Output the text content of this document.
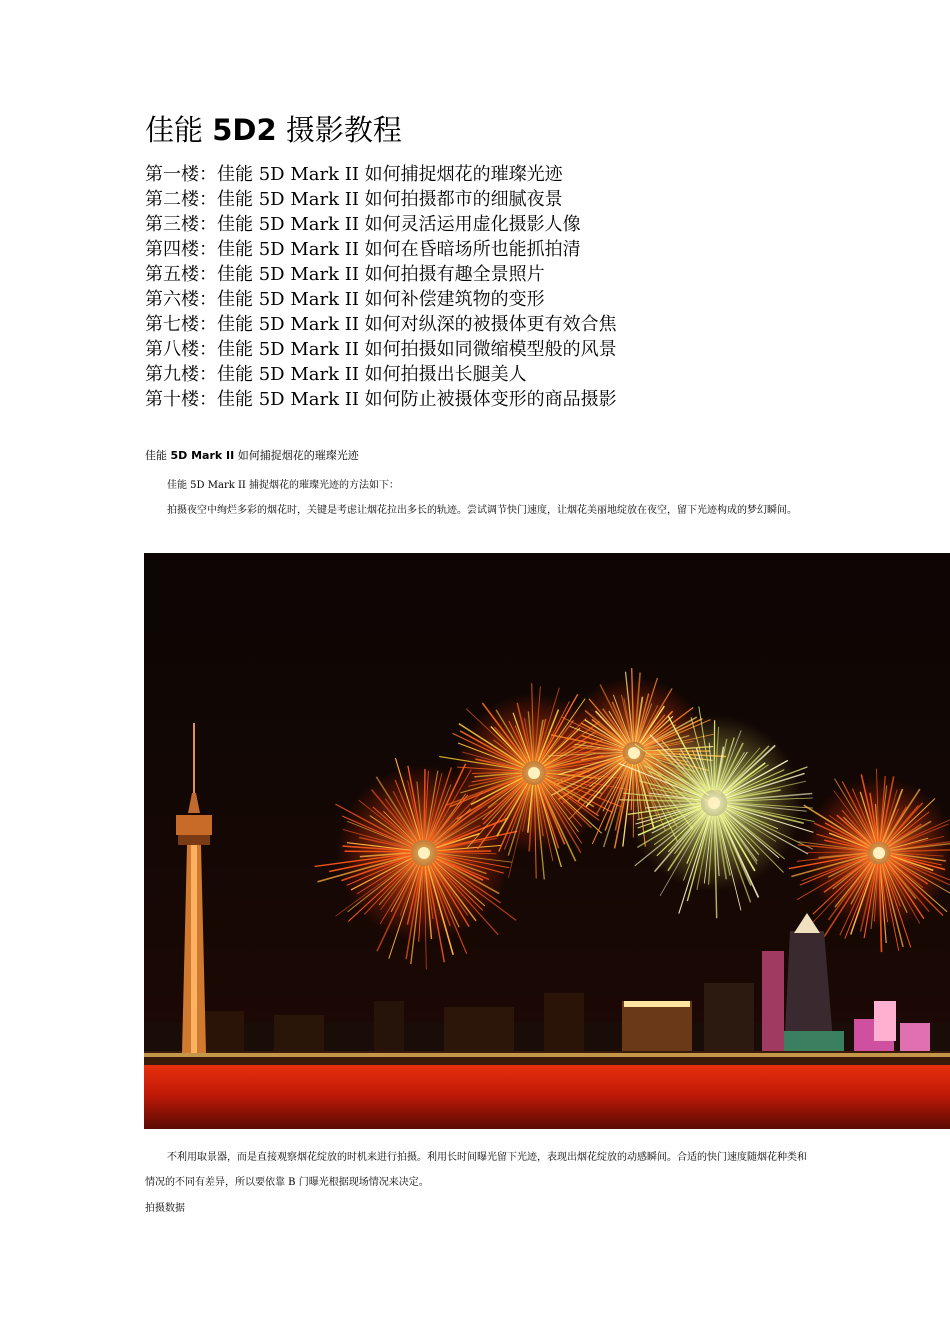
佳能 5D2 摄影教程
第一楼：佳能 5D Mark II 如何捕捉烟花的璀璨光迹
第二楼：佳能 5D Mark II 如何拍摄都市的细腻夜景
第三楼：佳能 5D Mark II 如何灵活运用虚化摄影人像
第四楼：佳能 5D Mark II 如何在昏暗场所也能抓拍清
第五楼：佳能 5D Mark II 如何拍摄有趣全景照片
第六楼：佳能 5D Mark II 如何补偿建筑物的变形
第七楼：佳能 5D Mark II 如何对纵深的被摄体更有效合焦
第八楼：佳能 5D Mark II 如何拍摄如同微缩模型般的风景
第九楼：佳能 5D Mark II 如何拍摄出长腿美人
第十楼：佳能 5D Mark II 如何防止被摄体变形的商品摄影
佳能 5D Mark II 如何捕捉烟花的璀璨光迹
佳能 5D Mark II 捕捉烟花的璀璨光迹的方法如下：
拍摄夜空中绚烂多彩的烟花时，关键是考虑让烟花拉出多长的轨迹。尝试调节快门速度，让烟花美丽地绽放在夜空，留下光迹构成的梦幻瞬间。
不利用取景器，而是直接观察烟花绽放的时机来进行拍摄。利用长时间曝光留下光迹，表现出烟花绽放的动感瞬间。合适的快门速度随烟花种类和情况的不同有差异，所以要依靠 B 门曝光根据现场情况来决定。
拍摄数据
